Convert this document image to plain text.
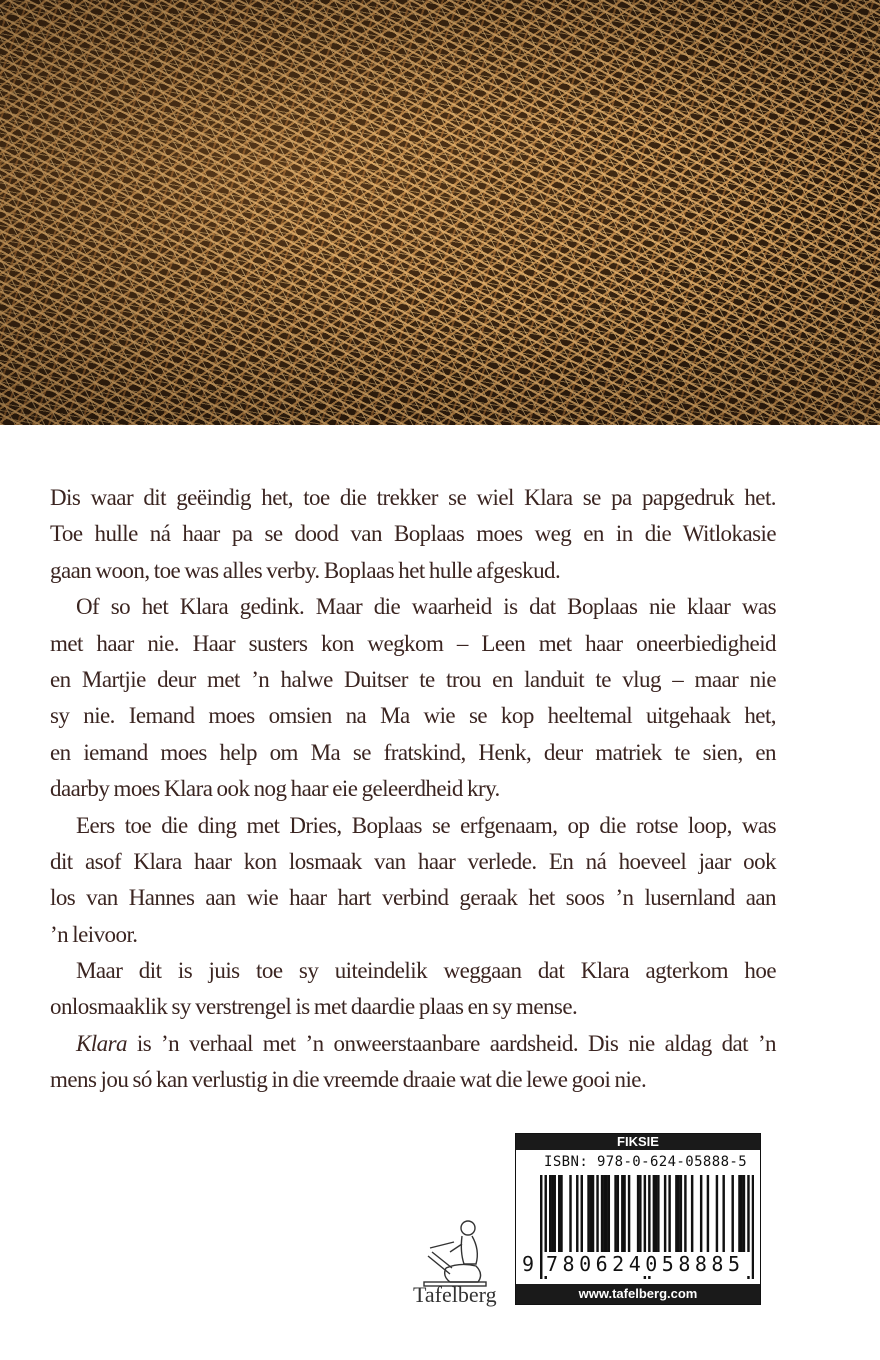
Dis waar dit geëindig het, toe die trekker se wiel Klara se pa papgedruk het.
Toe hulle ná haar pa se dood van Boplaas moes weg en in die Witlokasie
gaan woon, toe was alles verby. Boplaas het hulle afgeskud.
Of so het Klara gedink. Maar die waarheid is dat Boplaas nie klaar was
met haar nie. Haar susters kon wegkom – Leen met haar oneerbiedigheid
en Martjie deur met ’n halwe Duitser te trou en landuit te vlug – maar nie
sy nie. Iemand moes omsien na Ma wie se kop heeltemal uitgehaak het,
en iemand moes help om Ma se fratskind, Henk, deur matriek te sien, en
daarby moes Klara ook nog haar eie geleerdheid kry.
Eers toe die ding met Dries, Boplaas se erfgenaam, op die rotse loop, was
dit asof Klara haar kon losmaak van haar verlede. En ná hoeveel jaar ook
los van Hannes aan wie haar hart verbind geraak het soos ’n lusernland aan
’n leivoor.
Maar dit is juis toe sy uiteindelik weggaan dat Klara agterkom hoe
onlosmaaklik sy verstrengel is met daardie plaas en sy mense.
Klara is ’n verhaal met ’n onweerstaanbare aardsheid. Dis nie aldag dat ’n
mens jou só kan verlustig in die vreemde draaie wat die lewe gooi nie.
Tafelberg
FIKSIE
ISBN: 978-0-624-05888-5
9 780624058885
www.tafelberg.com
